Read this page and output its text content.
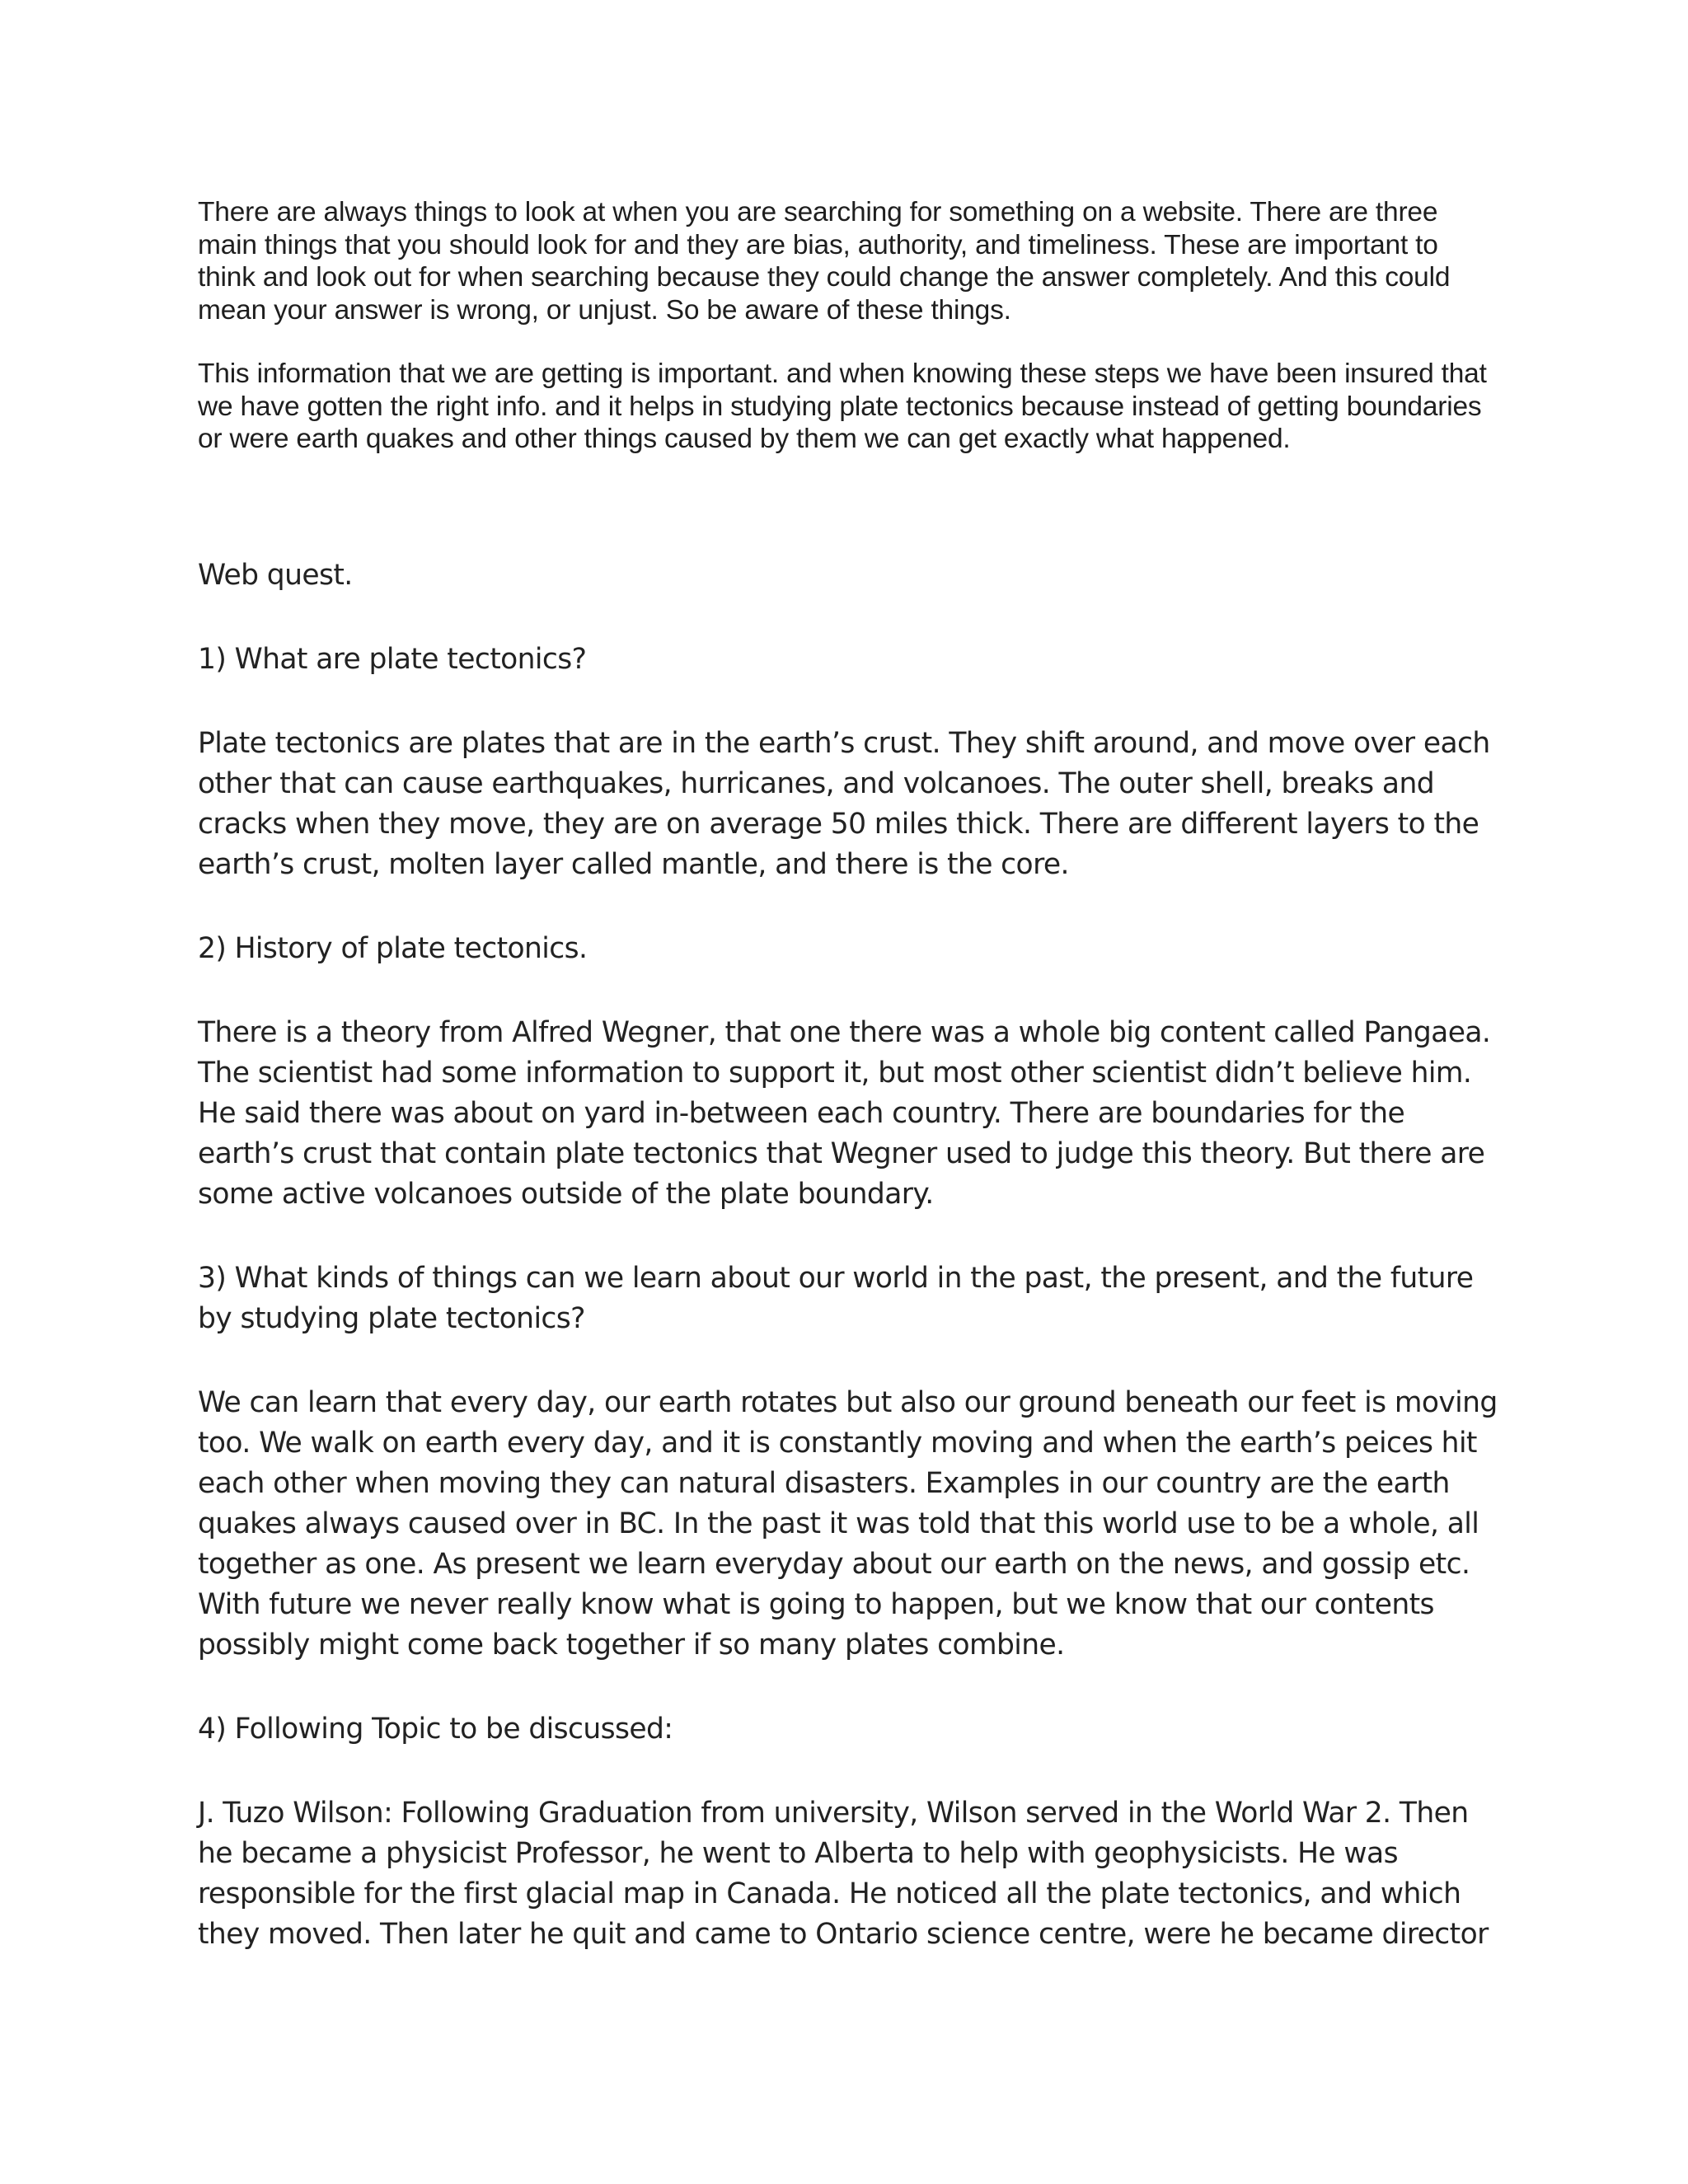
There are always things to look at when you are searching for something on a website. There are three main things that you should look for and they are bias, authority, and timeliness. These are important to think and look out for when searching because they could change the answer completely. And this could mean your answer is wrong, or unjust. So be aware of these things.

This information that we are getting is important. and when knowing these steps we have been insured that we have gotten the right info. and it helps in studying plate tectonics because instead of getting boundaries or were earth quakes and other things caused by them we can get exactly what happened.

Web quest.

1) What are plate tectonics?

Plate tectonics are plates that are in the earth’s crust. They shift around, and move over each other that can cause earthquakes, hurricanes, and volcanoes. The outer shell, breaks and cracks when they move, they are on average 50 miles thick. There are different layers to the earth’s crust, molten layer called mantle, and there is the core.

2) History of plate tectonics.

There is a theory from Alfred Wegner, that one there was a whole big content called Pangaea. The scientist had some information to support it, but most other scientist didn’t believe him. He said there was about on yard in-between each country. There are boundaries for the earth’s crust that contain plate tectonics that Wegner used to judge this theory. But there are some active volcanoes outside of the plate boundary.

3) What kinds of things can we learn about our world in the past, the present, and the future by studying plate tectonics?

We can learn that every day, our earth rotates but also our ground beneath our feet is moving too. We walk on earth every day, and it is constantly moving and when the earth’s peices hit each other when moving they can natural disasters. Examples in our country are the earth quakes always caused over in BC. In the past it was told that this world use to be a whole, all together as one. As present we learn everyday about our earth on the news, and gossip etc. With future we never really know what is going to happen, but we know that our contents possibly might come back together if so many plates combine.

4) Following Topic to be discussed:

J. Tuzo Wilson: Following Graduation from university, Wilson served in the World War 2. Then he became a physicist Professor, he went to Alberta to help with geophysicists. He was responsible for the first glacial map in Canada. He noticed all the plate tectonics, and which they moved. Then later he quit and came to Ontario science centre, were he became director
